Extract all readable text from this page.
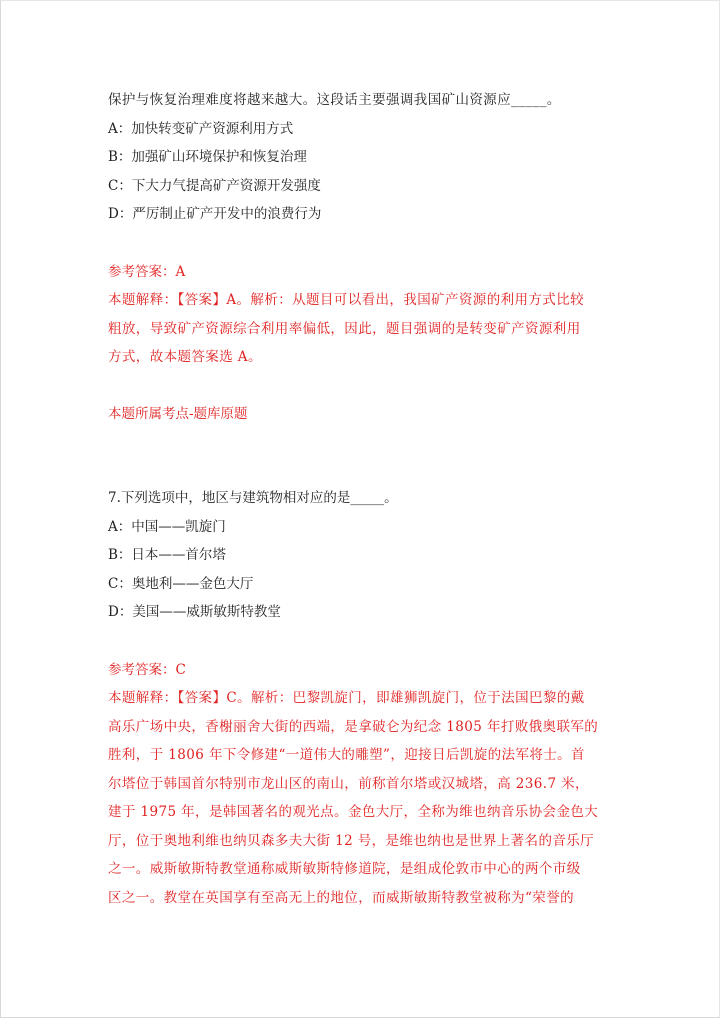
保护与恢复治理难度将越来越大。这段话主要强调我国矿山资源应_____。
A：加快转变矿产资源利用方式
B：加强矿山环境保护和恢复治理
C：下大力气提高矿产资源开发强度
D：严厉制止矿产开发中的浪费行为
参考答案：A
本题解释：【答案】A。解析：从题目可以看出，我国矿产资源的利用方式比较
粗放，导致矿产资源综合利用率偏低，因此，题目强调的是转变矿产资源利用
方式，故本题答案选 A。
本题所属考点-题库原题
7.下列选项中，地区与建筑物相对应的是_____。
A：中国——凯旋门
B：日本——首尔塔
C：奥地利——金色大厅
D：美国——威斯敏斯特教堂
参考答案：C
本题解释：【答案】C。解析：巴黎凯旋门，即雄狮凯旋门，位于法国巴黎的戴
高乐广场中央，香榭丽舍大街的西端，是拿破仑为纪念 1805 年打败俄奥联军的
胜利，于 1806 年下令修建“一道伟大的雕塑”，迎接日后凯旋的法军将士。首
尔塔位于韩国首尔特别市龙山区的南山，前称首尔塔或汉城塔，高 236.7 米，
建于 1975 年，是韩国著名的观光点。金色大厅，全称为维也纳音乐协会金色大
厅，位于奥地利维也纳贝森多夫大街 12 号，是维也纳也是世界上著名的音乐厅
之一。威斯敏斯特教堂通称威斯敏斯特修道院，是组成伦敦市中心的两个市级
区之一。教堂在英国享有至高无上的地位，而威斯敏斯特教堂被称为“荣誉的
